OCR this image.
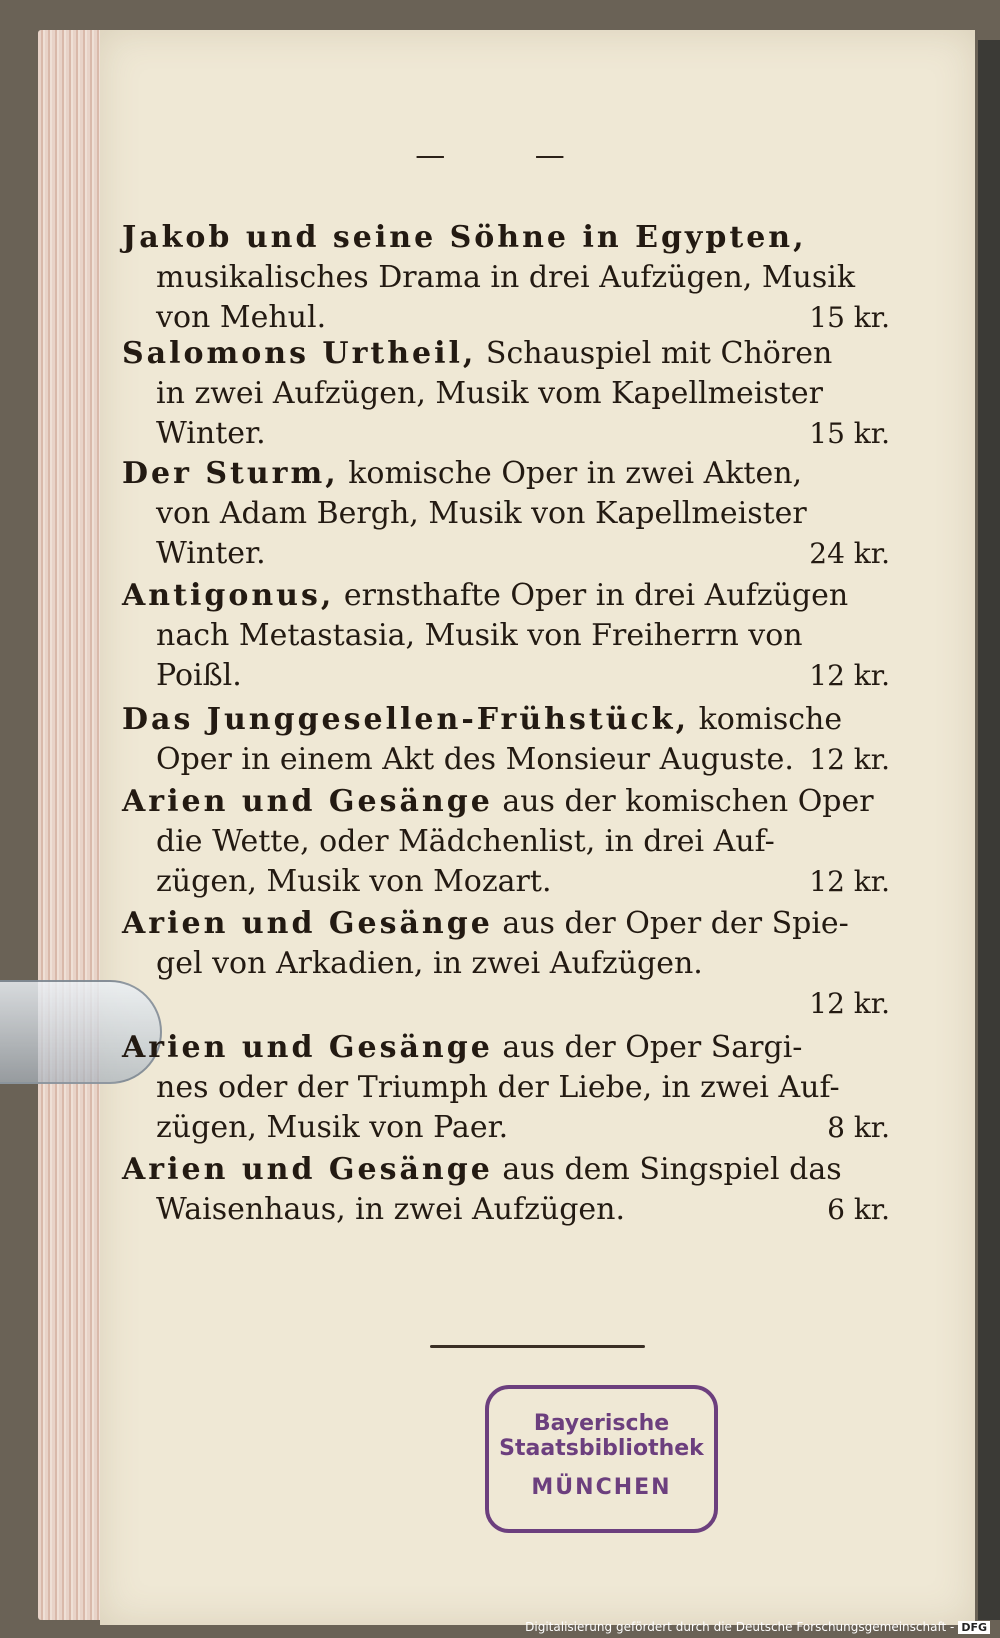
— —
Jakob und seine Söhne in Egypten,
musikalisches Drama in drei Aufzügen, Musik
von Mehul.	15 kr.
Salomons Urtheil, Schauspiel mit Chören
in zwei Aufzügen, Musik vom Kapellmeister
Winter.	15 kr.
Der Sturm, komische Oper in zwei Akten,
von Adam Bergh, Musik von Kapellmeister
Winter.	24 kr.
Antigonus, ernsthafte Oper in drei Aufzügen
nach Metastasia, Musik von Freiherrn von
Poißl.	12 kr.
Das Junggesellen-Frühstück, komische
Oper in einem Akt des Monsieur Auguste. 12 kr.
Arien und Gesänge aus der komischen Oper
die Wette, oder Mädchenlist, in drei Auf-
zügen, Musik von Mozart.	12 kr.
Arien und Gesänge aus der Oper der Spie-
gel von Arkadien, in zwei Aufzügen.
12 kr.
Arien und Gesänge aus der Oper Sargi-
nes oder der Triumph der Liebe, in zwei Auf-
zügen, Musik von Paer.	8 kr.
Arien und Gesänge aus dem Singspiel das
Waisenhaus, in zwei Aufzügen.	6 kr.
Bayerische
Staatsbibliothek
MÜNCHEN
Digitalisierung gefördert durch die Deutsche Forschungsgemeinschaft - DFG
